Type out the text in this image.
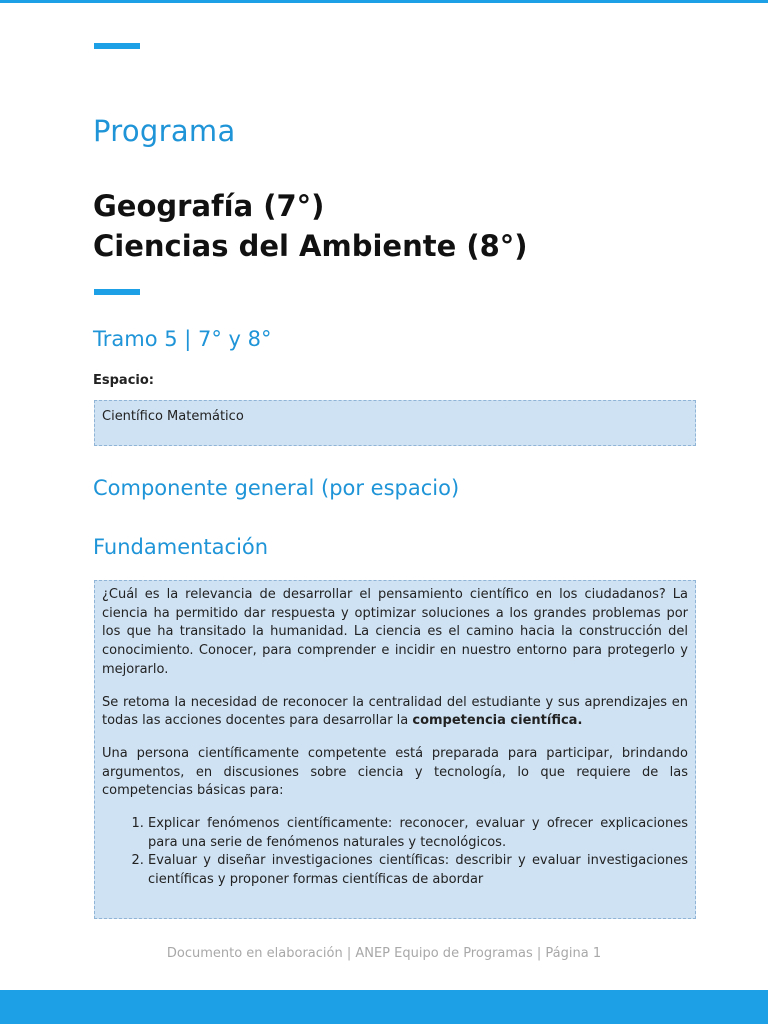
Programa
Geografía (7°)
Ciencias del Ambiente (8°)
Tramo 5 | 7° y 8°
Espacio:
Científico Matemático
Componente general (por espacio)
Fundamentación

¿Cuál es la relevancia de desarrollar el pensamiento científico en los ciudadanos? La ciencia ha permitido dar respuesta y optimizar soluciones a los grandes problemas por los que ha transitado la humanidad. La ciencia es el camino hacia la construcción del conocimiento. Conocer, para comprender e incidir en nuestro entorno para protegerlo y mejorarlo.

Se retoma la necesidad de reconocer la centralidad del estudiante y sus aprendizajes en todas las acciones docentes para desarrollar la competencia científica.

Una persona científicamente competente está preparada para participar, brindando argumentos, en discusiones sobre ciencia y tecnología, lo que requiere de las competencias básicas para:

1. Explicar fenómenos científicamente: reconocer, evaluar y ofrecer explicaciones para una serie de fenómenos naturales y tecnológicos.
2. Evaluar y diseñar investigaciones científicas: describir y evaluar investigaciones científicas y proponer formas científicas de abordar
Documento en elaboración | ANEP Equipo de Programas | Página 1
